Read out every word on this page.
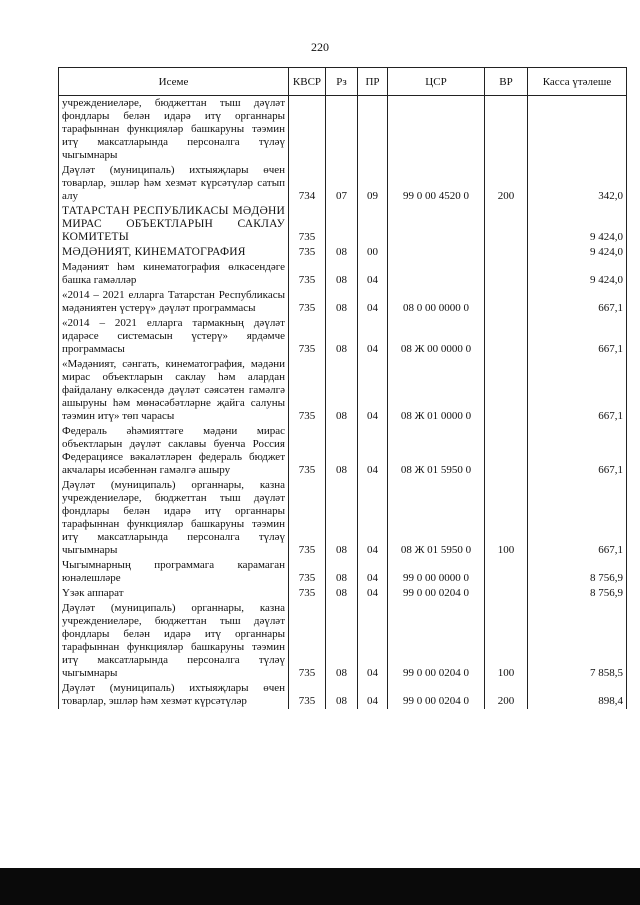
220
Исеме	КВСР	Рз	ПР	ЦСР	ВР	Касса үтәлеше
учреждениеләре, бюджеттан тыш дәүләт фондлары белән идарә итү органнары тарафыннан функцияләр башкаруны тәэмин итү максатларында персоналга түләү чыгымнары						
Дәүләт (муниципаль) ихтыяҗлары өчен товарлар, эшләр һәм хезмәт күрсәтүләр сатып алу	734	07	09	99 0 00 4520 0	200	342,0
ТАТАРСТАН РЕСПУБЛИКАСЫ МӘДӘНИ МИРАС ОБЪЕКТЛАРЫН САКЛАУ КОМИТЕТЫ	735					9 424,0
МӘДӘНИЯТ, КИНЕМАТОГРАФИЯ	735	08	00			9 424,0
Мәдәният һәм кинематография өлкәсендәге башка гамәлләр	735	08	04			9 424,0
«2014 – 2021 елларга Татарстан Республикасы мәдәниятен үстерү» дәүләт программасы	735	08	04	08 0 00 0000 0		667,1
«2014 – 2021 елларга тармакның дәүләт идарәсе системасын үстерү» ярдәмче программасы	735	08	04	08 Ж 00 0000 0		667,1
«Мәдәният, сәнгать, кинематография, мәдәни мирас объектларын саклау һәм алардан файдалану өлкәсендә дәүләт сәясәтен гамәлгә ашыруны һәм мөнәсәбәтләрне җайга салуны тәэмин итү» төп чарасы	735	08	04	08 Ж 01 0000 0		667,1
Федераль әһәмияттәге мәдәни мирас объектларын дәүләт саклавы буенча Россия Федерациясе вәкаләтләрен федераль бюджет акчалары исәбеннән гамәлгә ашыру	735	08	04	08 Ж 01 5950 0		667,1
Дәүләт (муниципаль) органнары, казна учреждениеләре, бюджеттан тыш дәүләт фондлары белән идарә итү органнары тарафыннан функцияләр башкаруны тәэмин итү максатларында персоналга түләү чыгымнары	735	08	04	08 Ж 01 5950 0	100	667,1
Чыгымнарның программага карамаган юнәлешләре	735	08	04	99 0 00 0000 0		8 756,9
Үзәк аппарат	735	08	04	99 0 00 0204 0		8 756,9
Дәүләт (муниципаль) органнары, казна учреждениеләре, бюджеттан тыш дәүләт фондлары белән идарә итү органнары тарафыннан функцияләр башкаруны тәэмин итү максатларында персоналга түләү чыгымнары	735	08	04	99 0 00 0204 0	100	7 858,5
Дәүләт (муниципаль) ихтыяҗлары өчен товарлар, эшләр һәм хезмәт күрсәтүләр	735	08	04	99 0 00 0204 0	200	898,4
